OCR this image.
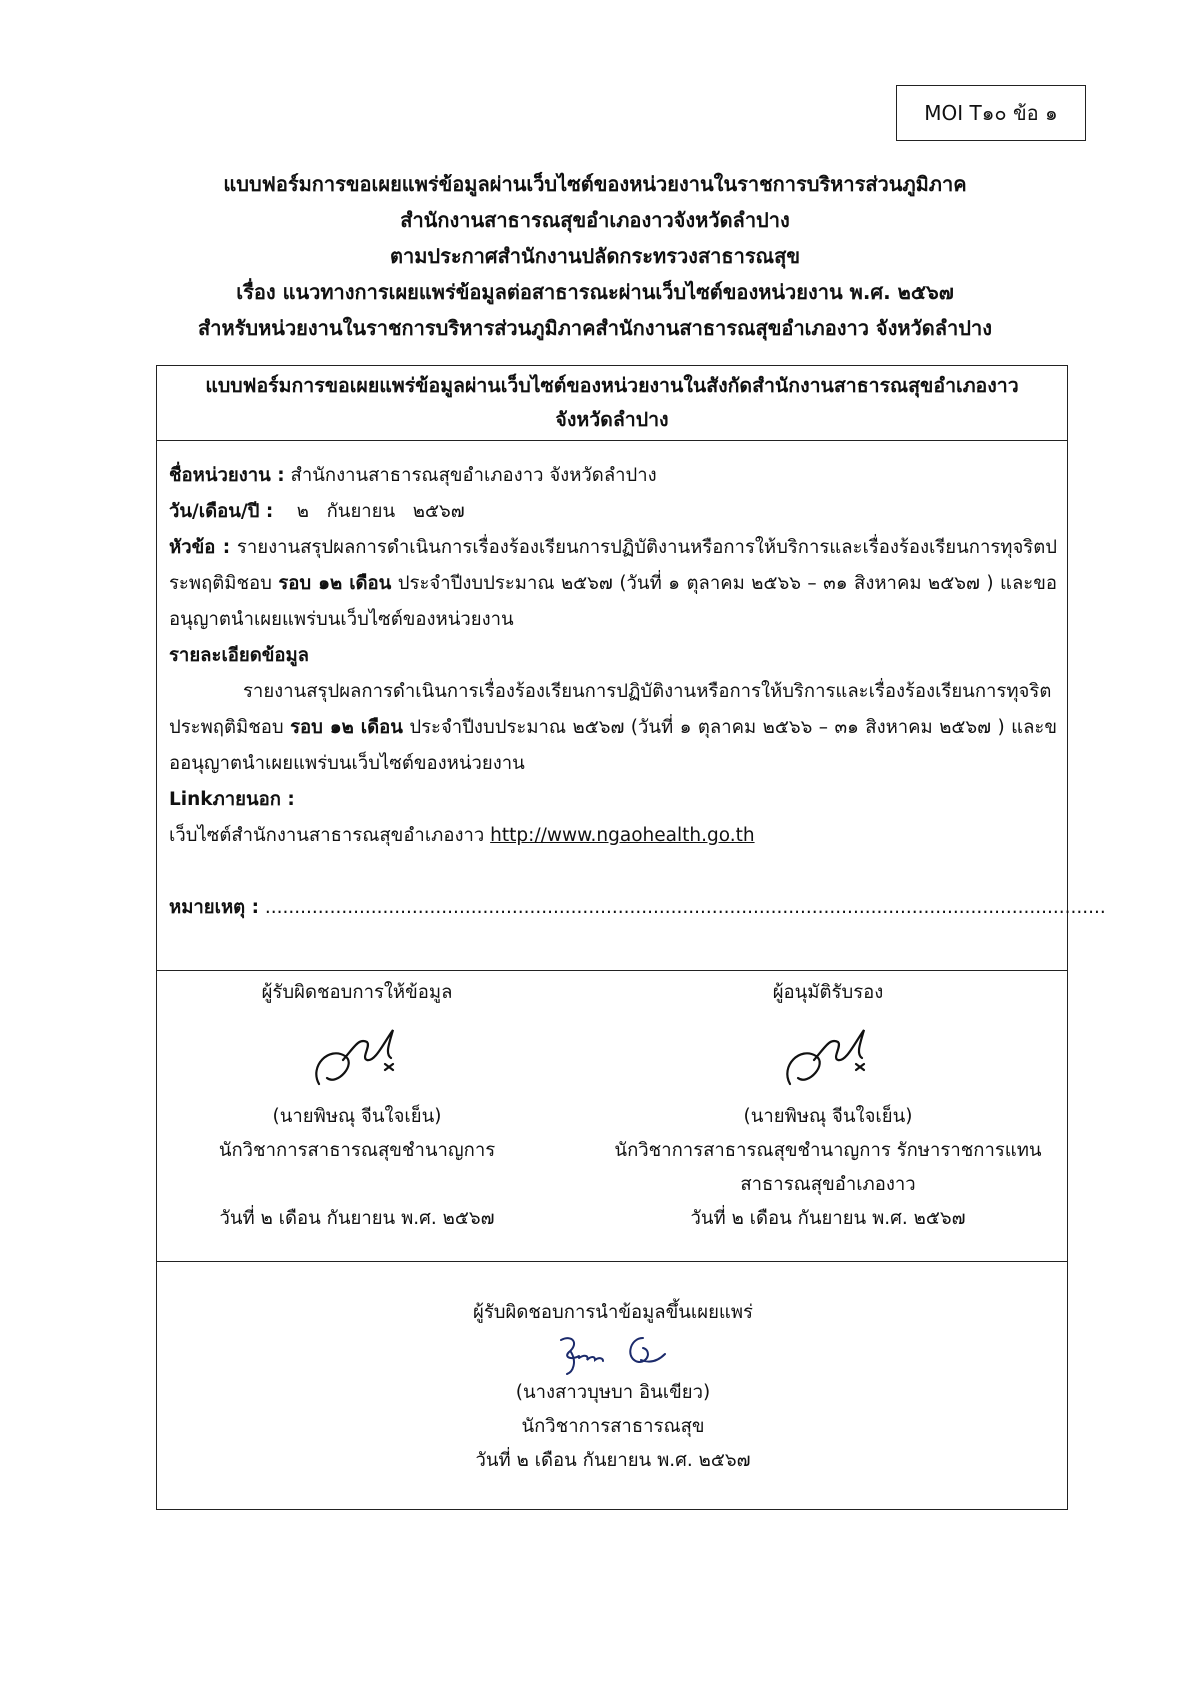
MOI T๑๐ ข้อ ๑
แบบฟอร์มการขอเผยแพร่ข้อมูลผ่านเว็บไซต์ของหน่วยงานในราชการบริหารส่วนภูมิภาค
สำนักงานสาธารณสุขอำเภองาวจังหวัดลำปาง
ตามประกาศสำนักงานปลัดกระทรวงสาธารณสุข
เรื่อง แนวทางการเผยแพร่ข้อมูลต่อสาธารณะผ่านเว็บไซต์ของหน่วยงาน พ.ศ. ๒๕๖๗
สำหรับหน่วยงานในราชการบริหารส่วนภูมิภาคสำนักงานสาธารณสุขอำเภองาว จังหวัดลำปาง
แบบฟอร์มการขอเผยแพร่ข้อมูลผ่านเว็บไซต์ของหน่วยงานในสังกัดสำนักงานสาธารณสุขอำเภองาว
จังหวัดลำปาง
ชื่อหน่วยงาน : สำนักงานสาธารณสุขอำเภองาว จังหวัดลำปาง
วัน/เดือน/ปี :    ๒   กันยายน   ๒๕๖๗
หัวข้อ : รายงานสรุปผลการดำเนินการเรื่องร้องเรียนการปฏิบัติงานหรือการให้บริการและเรื่องร้องเรียนการทุจริตประพฤติมิชอบ รอบ ๑๒ เดือน ประจำปีงบประมาณ ๒๕๖๗ (วันที่ ๑ ตุลาคม ๒๕๖๖ – ๓๑ สิงหาคม ๒๕๖๗ ) และขออนุญาตนำเผยแพร่บนเว็บไซต์ของหน่วยงาน
รายละเอียดข้อมูล
รายงานสรุปผลการดำเนินการเรื่องร้องเรียนการปฏิบัติงานหรือการให้บริการและเรื่องร้องเรียนการทุจริตประพฤติมิชอบ รอบ ๑๒ เดือน ประจำปีงบประมาณ ๒๕๖๗ (วันที่ ๑ ตุลาคม ๒๕๖๖ – ๓๑ สิงหาคม ๒๕๖๗ ) และขออนุญาตนำเผยแพร่บนเว็บไซต์ของหน่วยงาน
Linkภายนอก :
เว็บไซต์สำนักงานสาธารณสุขอำเภองาว http://www.ngaohealth.go.th
หมายเหตุ : ...............................................................................................................................................
ผู้รับผิดชอบการให้ข้อมูล
(นายพิษณุ จีนใจเย็น)
นักวิชาการสาธารณสุขชำนาญการ
วันที่ ๒ เดือน กันยายน พ.ศ. ๒๕๖๗
ผู้อนุมัติรับรอง
(นายพิษณุ จีนใจเย็น)
นักวิชาการสาธารณสุขชำนาญการ รักษาราชการแทน
สาธารณสุขอำเภองาว
วันที่ ๒ เดือน กันยายน พ.ศ. ๒๕๖๗
ผู้รับผิดชอบการนำข้อมูลขึ้นเผยแพร่
(นางสาวบุษบา อินเขียว)
นักวิชาการสาธารณสุข
วันที่ ๒ เดือน กันยายน พ.ศ. ๒๕๖๗
